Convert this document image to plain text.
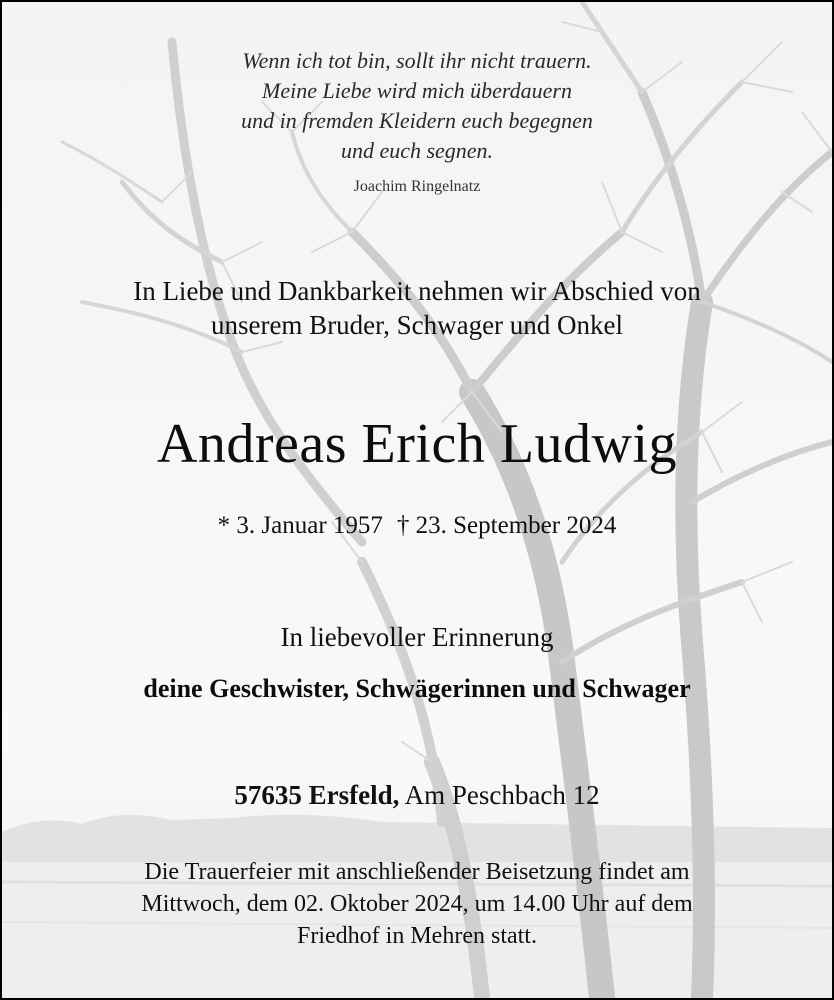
Wenn ich tot bin, sollt ihr nicht trauern.
Meine Liebe wird mich überdauern
und in fremden Kleidern euch begegnen
und euch segnen.
Joachim Ringelnatz
In Liebe und Dankbarkeit nehmen wir Abschied von
unserem Bruder, Schwager und Onkel
Andreas Erich Ludwig
* 3. Januar 1957 † 23. September 2024
In liebevoller Erinnerung
deine Geschwister, Schwägerinnen und Schwager
57635 Ersfeld, Am Peschbach 12
Die Trauerfeier mit anschließender Beisetzung findet am
Mittwoch, dem 02. Oktober 2024, um 14.00 Uhr auf dem
Friedhof in Mehren statt.
